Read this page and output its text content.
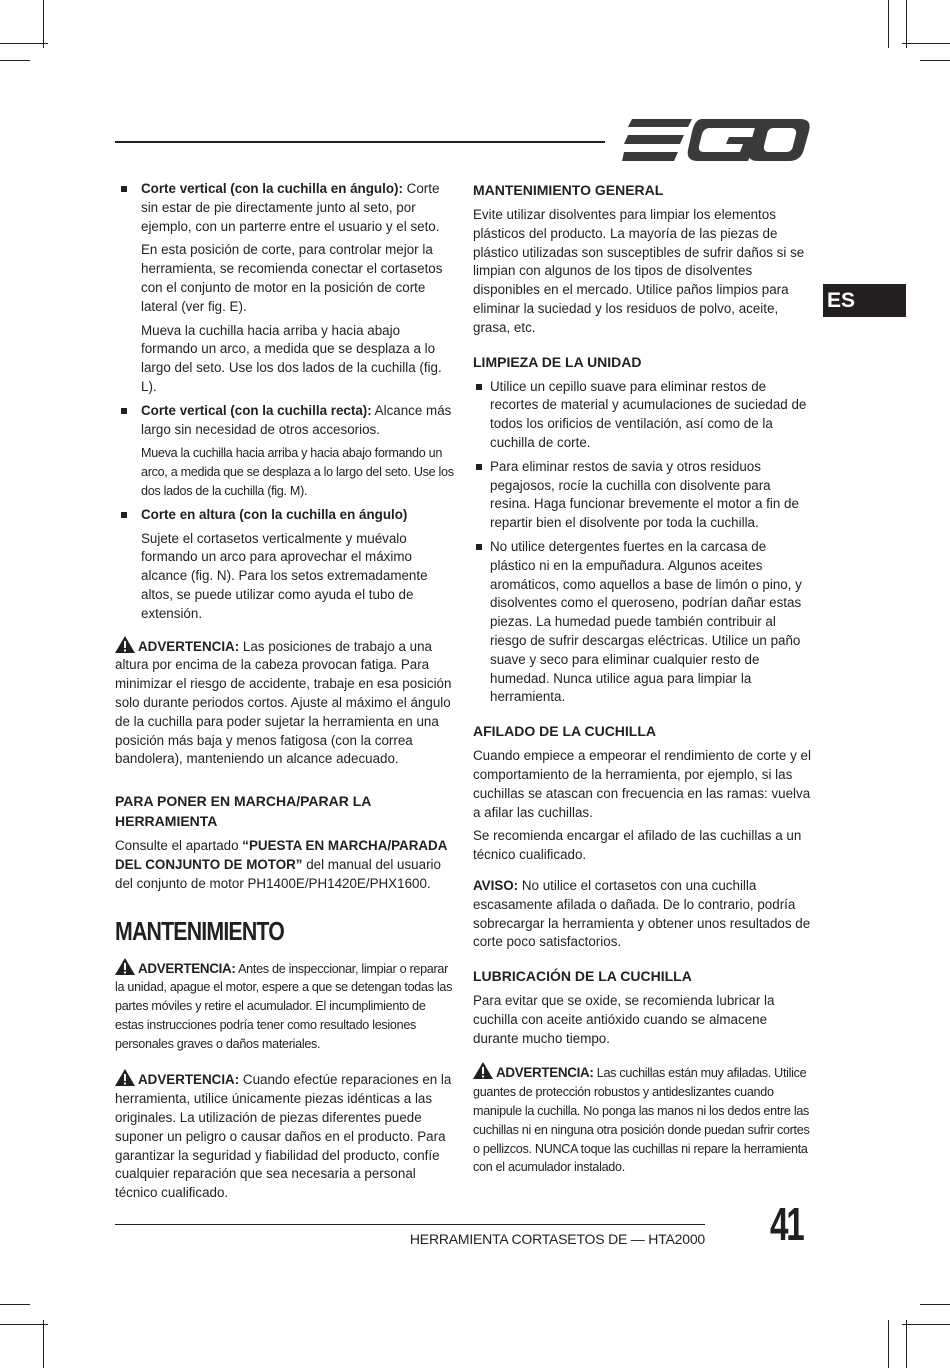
ES
Corte vertical (con la cuchilla en ángulo): Corte sin estar de pie directamente junto al seto, por ejemplo, con un parterre entre el usuario y el seto.
En esta posición de corte, para controlar mejor la herramienta, se recomienda conectar el cortasetos con el conjunto de motor en la posición de corte lateral (ver fig. E).
Mueva la cuchilla hacia arriba y hacia abajo formando un arco, a medida que se desplaza a lo largo del seto. Use los dos lados de la cuchilla (fig. L).
Corte vertical (con la cuchilla recta): Alcance más largo sin necesidad de otros accesorios.
Mueva la cuchilla hacia arriba y hacia abajo formando un arco, a medida que se desplaza a lo largo del seto. Use los dos lados de la cuchilla (fig. M).
Corte en altura (con la cuchilla en ángulo)
Sujete el cortasetos verticalmente y muévalo formando un arco para aprovechar el máximo alcance (fig. N). Para los setos extremadamente altos, se puede utilizar como ayuda el tubo de extensión.

ADVERTENCIA: Las posiciones de trabajo a una altura por encima de la cabeza provocan fatiga. Para minimizar el riesgo de accidente, trabaje en esa posición solo durante periodos cortos. Ajuste al máximo el ángulo de la cuchilla para poder sujetar la herramienta en una posición más baja y menos fatigosa (con la correa bandolera), manteniendo un alcance adecuado.

PARA PONER EN MARCHA/PARAR LA HERRAMIENTA

Consulte el apartado “PUESTA EN MARCHA/PARADA DEL CONJUNTO DE MOTOR” del manual del usuario del conjunto de motor PH1400E/PH1420E/PHX1600.

MANTENIMIENTO

ADVERTENCIA: Antes de inspeccionar, limpiar o reparar la unidad, apague el motor, espere a que se detengan todas las partes móviles y retire el acumulador. El incumplimiento de estas instrucciones podría tener como resultado lesiones personales graves o daños materiales.

ADVERTENCIA: Cuando efectúe reparaciones en la herramienta, utilice únicamente piezas idénticas a las originales. La utilización de piezas diferentes puede suponer un peligro o causar daños en el producto. Para garantizar la seguridad y fiabilidad del producto, confíe cualquier reparación que sea necesaria a personal técnico cualificado.

MANTENIMIENTO GENERAL

Evite utilizar disolventes para limpiar los elementos plásticos del producto. La mayoría de las piezas de plástico utilizadas son susceptibles de sufrir daños si se limpian con algunos de los tipos de disolventes disponibles en el mercado. Utilice paños limpios para eliminar la suciedad y los residuos de polvo, aceite, grasa, etc.

LIMPIEZA DE LA UNIDAD
Utilice un cepillo suave para eliminar restos de recortes de material y acumulaciones de suciedad de todos los orificios de ventilación, así como de la cuchilla de corte.
Para eliminar restos de savia y otros residuos pegajosos, rocíe la cuchilla con disolvente para resina. Haga funcionar brevemente el motor a fin de repartir bien el disolvente por toda la cuchilla.
No utilice detergentes fuertes en la carcasa de plástico ni en la empuñadura. Algunos aceites aromáticos, como aquellos a base de limón o pino, y disolventes como el queroseno, podrían dañar estas piezas. La humedad puede también contribuir al riesgo de sufrir descargas eléctricas. Utilice un paño suave y seco para eliminar cualquier resto de humedad. Nunca utilice agua para limpiar la herramienta.
AFILADO DE LA CUCHILLA

Cuando empiece a empeorar el rendimiento de corte y el comportamiento de la herramienta, por ejemplo, si las cuchillas se atascan con frecuencia en las ramas: vuelva a afilar las cuchillas.

Se recomienda encargar el afilado de las cuchillas a un técnico cualificado.

AVISO: No utilice el cortasetos con una cuchilla escasamente afilada o dañada. De lo contrario, podría sobrecargar la herramienta y obtener unos resultados de corte poco satisfactorios.

LUBRICACIÓN DE LA CUCHILLA

Para evitar que se oxide, se recomienda lubricar la cuchilla con aceite antióxido cuando se almacene durante mucho tiempo.

ADVERTENCIA: Las cuchillas están muy afiladas. Utilice guantes de protección robustos y antideslizantes cuando manipule la cuchilla. No ponga las manos ni los dedos entre las cuchillas ni en ninguna otra posición donde puedan sufrir cortes o pellizcos. NUNCA toque las cuchillas ni repare la herramienta con el acumulador instalado.

HERRAMIENTA CORTASETOS DE — HTA2000 41
